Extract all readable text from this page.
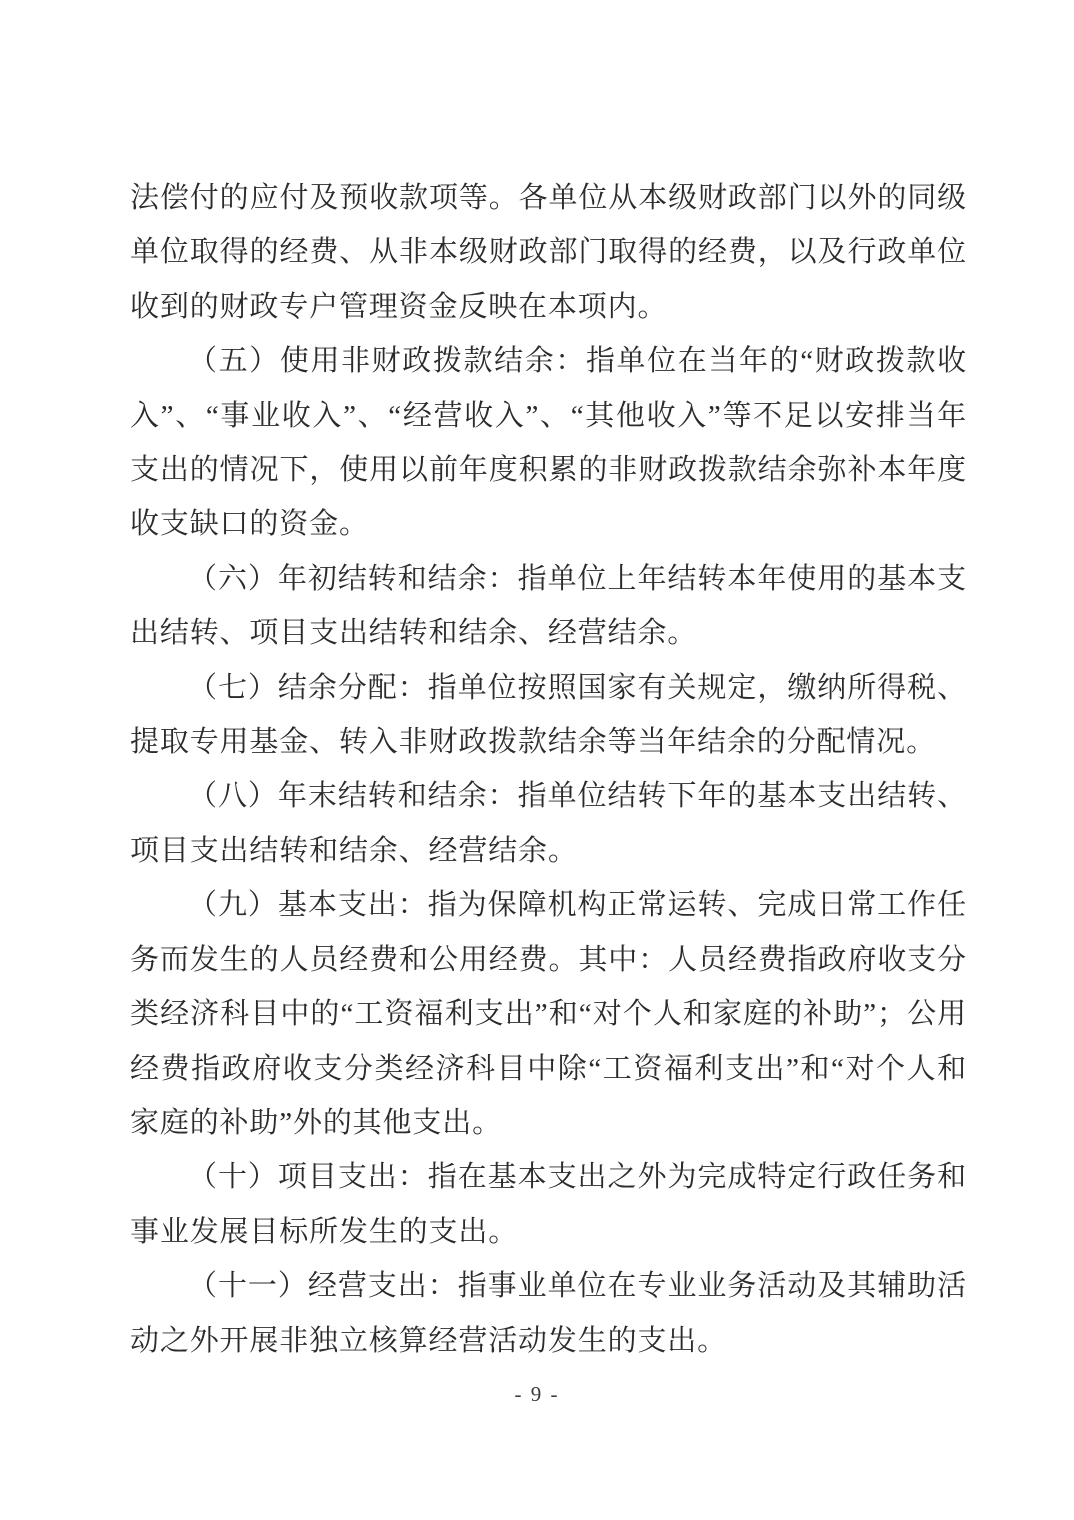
法偿付的应付及预收款项等。各单位从本级财政部门以外的同级单位取得的经费、从非本级财政部门取得的经费，以及行政单位收到的财政专户管理资金反映在本项内。

（五）使用非财政拨款结余：指单位在当年的“财政拨款收入”、“事业收入”、“经营收入”、“其他收入”等不足以安排当年支出的情况下，使用以前年度积累的非财政拨款结余弥补本年度收支缺口的资金。

（六）年初结转和结余：指单位上年结转本年使用的基本支出结转、项目支出结转和结余、经营结余。

（七）结余分配：指单位按照国家有关规定，缴纳所得税、提取专用基金、转入非财政拨款结余等当年结余的分配情况。

（八）年末结转和结余：指单位结转下年的基本支出结转、项目支出结转和结余、经营结余。

（九）基本支出：指为保障机构正常运转、完成日常工作任务而发生的人员经费和公用经费。其中：人员经费指政府收支分类经济科目中的“工资福利支出”和“对个人和家庭的补助”；公用经费指政府收支分类经济科目中除“工资福利支出”和“对个人和家庭的补助”外的其他支出。

（十）项目支出：指在基本支出之外为完成特定行政任务和事业发展目标所发生的支出。

（十一）经营支出：指事业单位在专业业务活动及其辅助活动之外开展非独立核算经营活动发生的支出。

- 9 -
